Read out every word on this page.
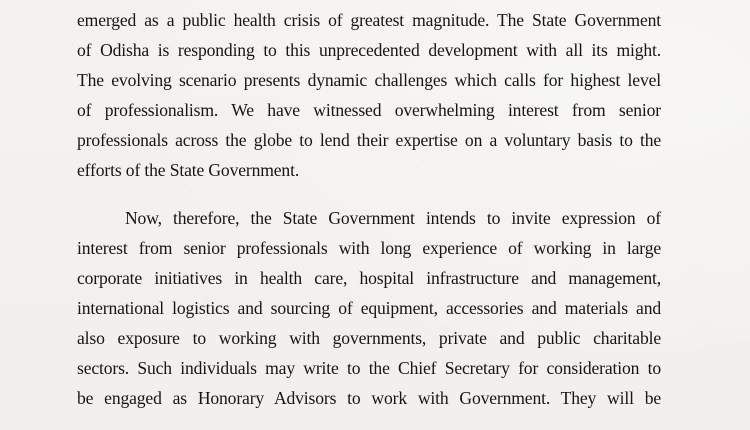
emerged as a public health crisis of greatest magnitude. The State Government
of Odisha is responding to this unprecedented development with all its might.
The evolving scenario presents dynamic challenges which calls for highest level
of professionalism. We have witnessed overwhelming interest from senior
professionals across the globe to lend their expertise on a voluntary basis to the
efforts of the State Government.
Now, therefore, the State Government intends to invite expression of
interest from senior professionals with long experience of working in large
corporate initiatives in health care, hospital infrastructure and management,
international logistics and sourcing of equipment, accessories and materials and
also exposure to working with governments, private and public charitable
sectors. Such individuals may write to the Chief Secretary for consideration to
be engaged as Honorary Advisors to work with Government. They will be
